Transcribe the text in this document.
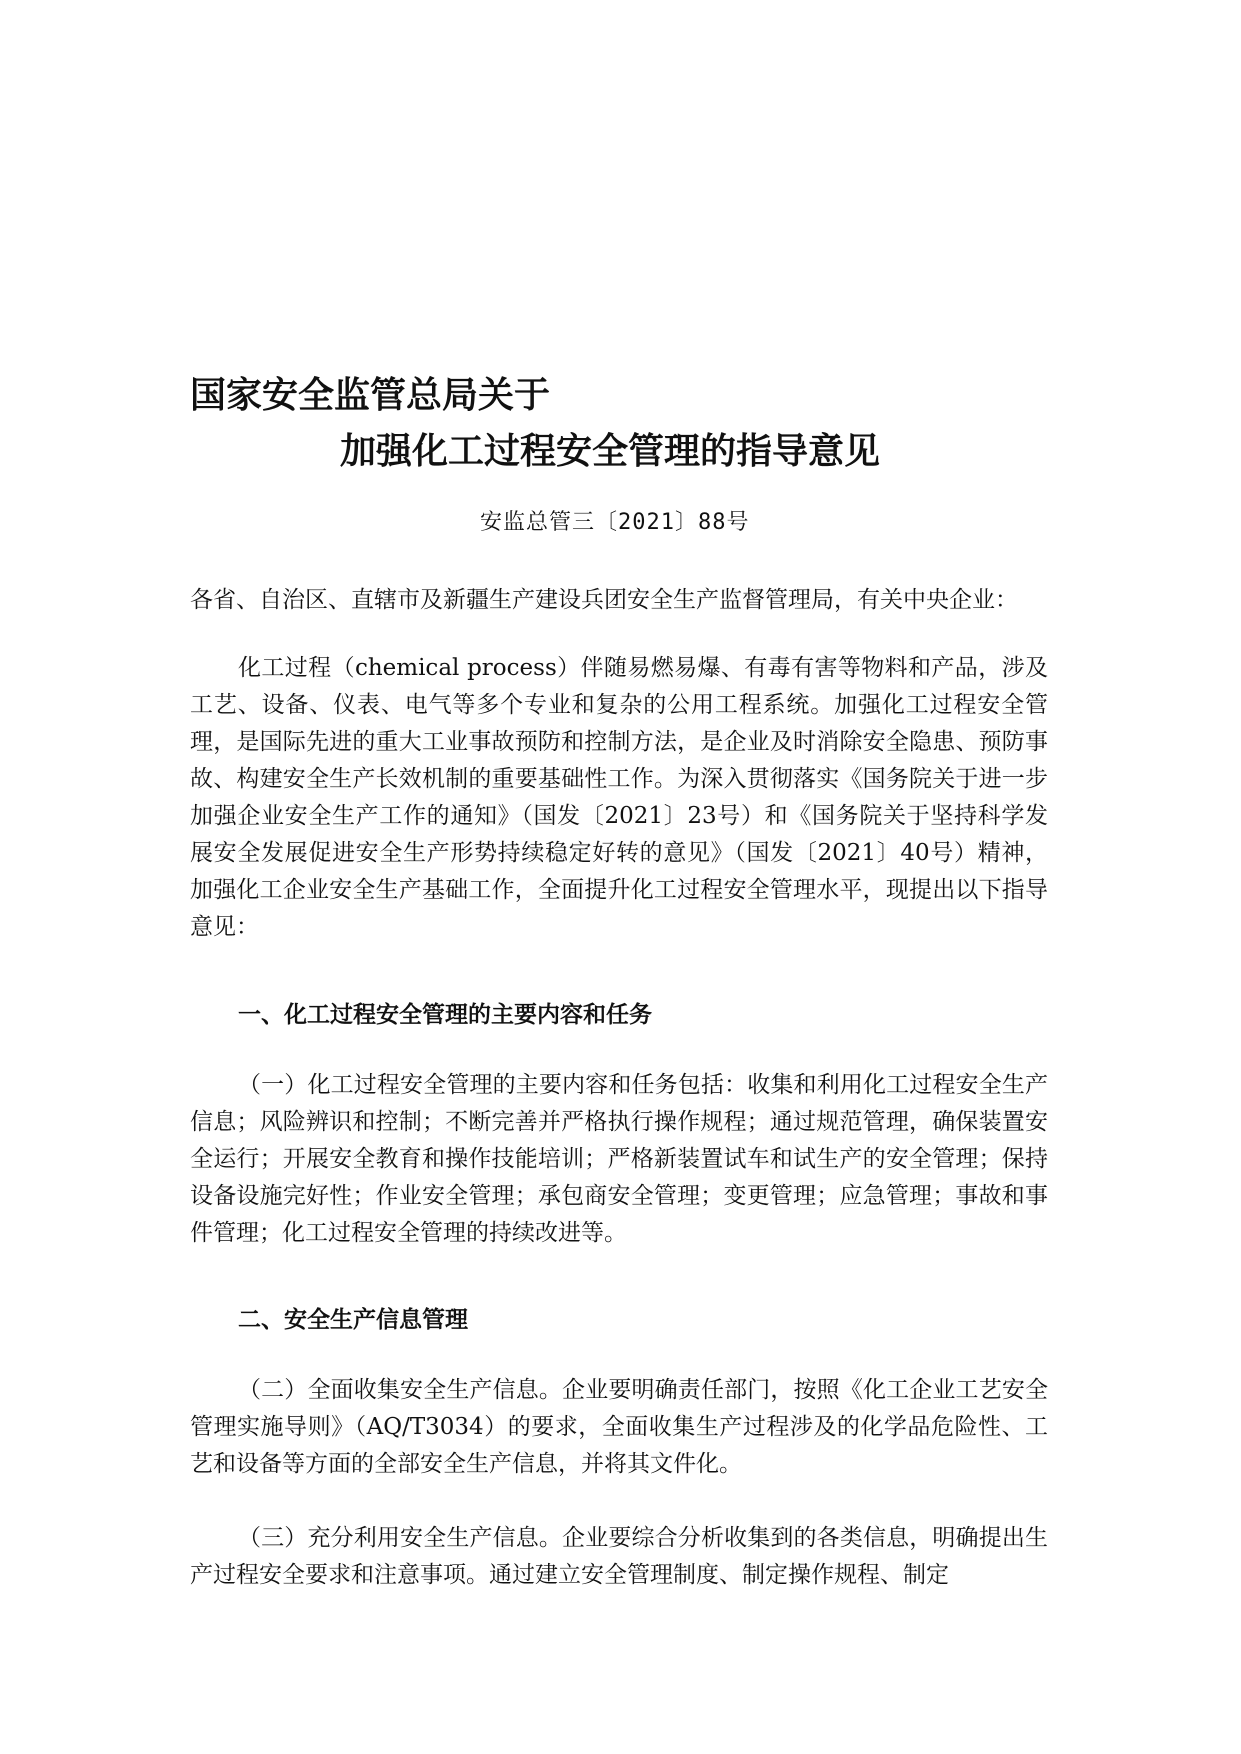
国家安全监管总局关于
加强化工过程安全管理的指导意见
安监总管三〔2021〕88号
各省、自治区、直辖市及新疆生产建设兵团安全生产监督管理局，有关中央企业：
化工过程（chemical process）伴随易燃易爆、有毒有害等物料和产品，涉及工艺、设备、仪表、电气等多个专业和复杂的公用工程系统。加强化工过程安全管理，是国际先进的重大工业事故预防和控制方法，是企业及时消除安全隐患、预防事故、构建安全生产长效机制的重要基础性工作。为深入贯彻落实《国务院关于进一步加强企业安全生产工作的通知》（国发〔2021〕23号）和《国务院关于坚持科学发展安全发展促进安全生产形势持续稳定好转的意见》（国发〔2021〕40号）精神，加强化工企业安全生产基础工作，全面提升化工过程安全管理水平，现提出以下指导意见：
一、化工过程安全管理的主要内容和任务
（一）化工过程安全管理的主要内容和任务包括：收集和利用化工过程安全生产信息；风险辨识和控制；不断完善并严格执行操作规程；通过规范管理，确保装置安全运行；开展安全教育和操作技能培训；严格新装置试车和试生产的安全管理；保持设备设施完好性；作业安全管理；承包商安全管理；变更管理；应急管理；事故和事件管理；化工过程安全管理的持续改进等。
二、安全生产信息管理
（二）全面收集安全生产信息。企业要明确责任部门，按照《化工企业工艺安全管理实施导则》（AQ/T3034）的要求，全面收集生产过程涉及的化学品危险性、工艺和设备等方面的全部安全生产信息，并将其文件化。
（三）充分利用安全生产信息。企业要综合分析收集到的各类信息，明确提出生产过程安全要求和注意事项。通过建立安全管理制度、制定操作规程、制定
